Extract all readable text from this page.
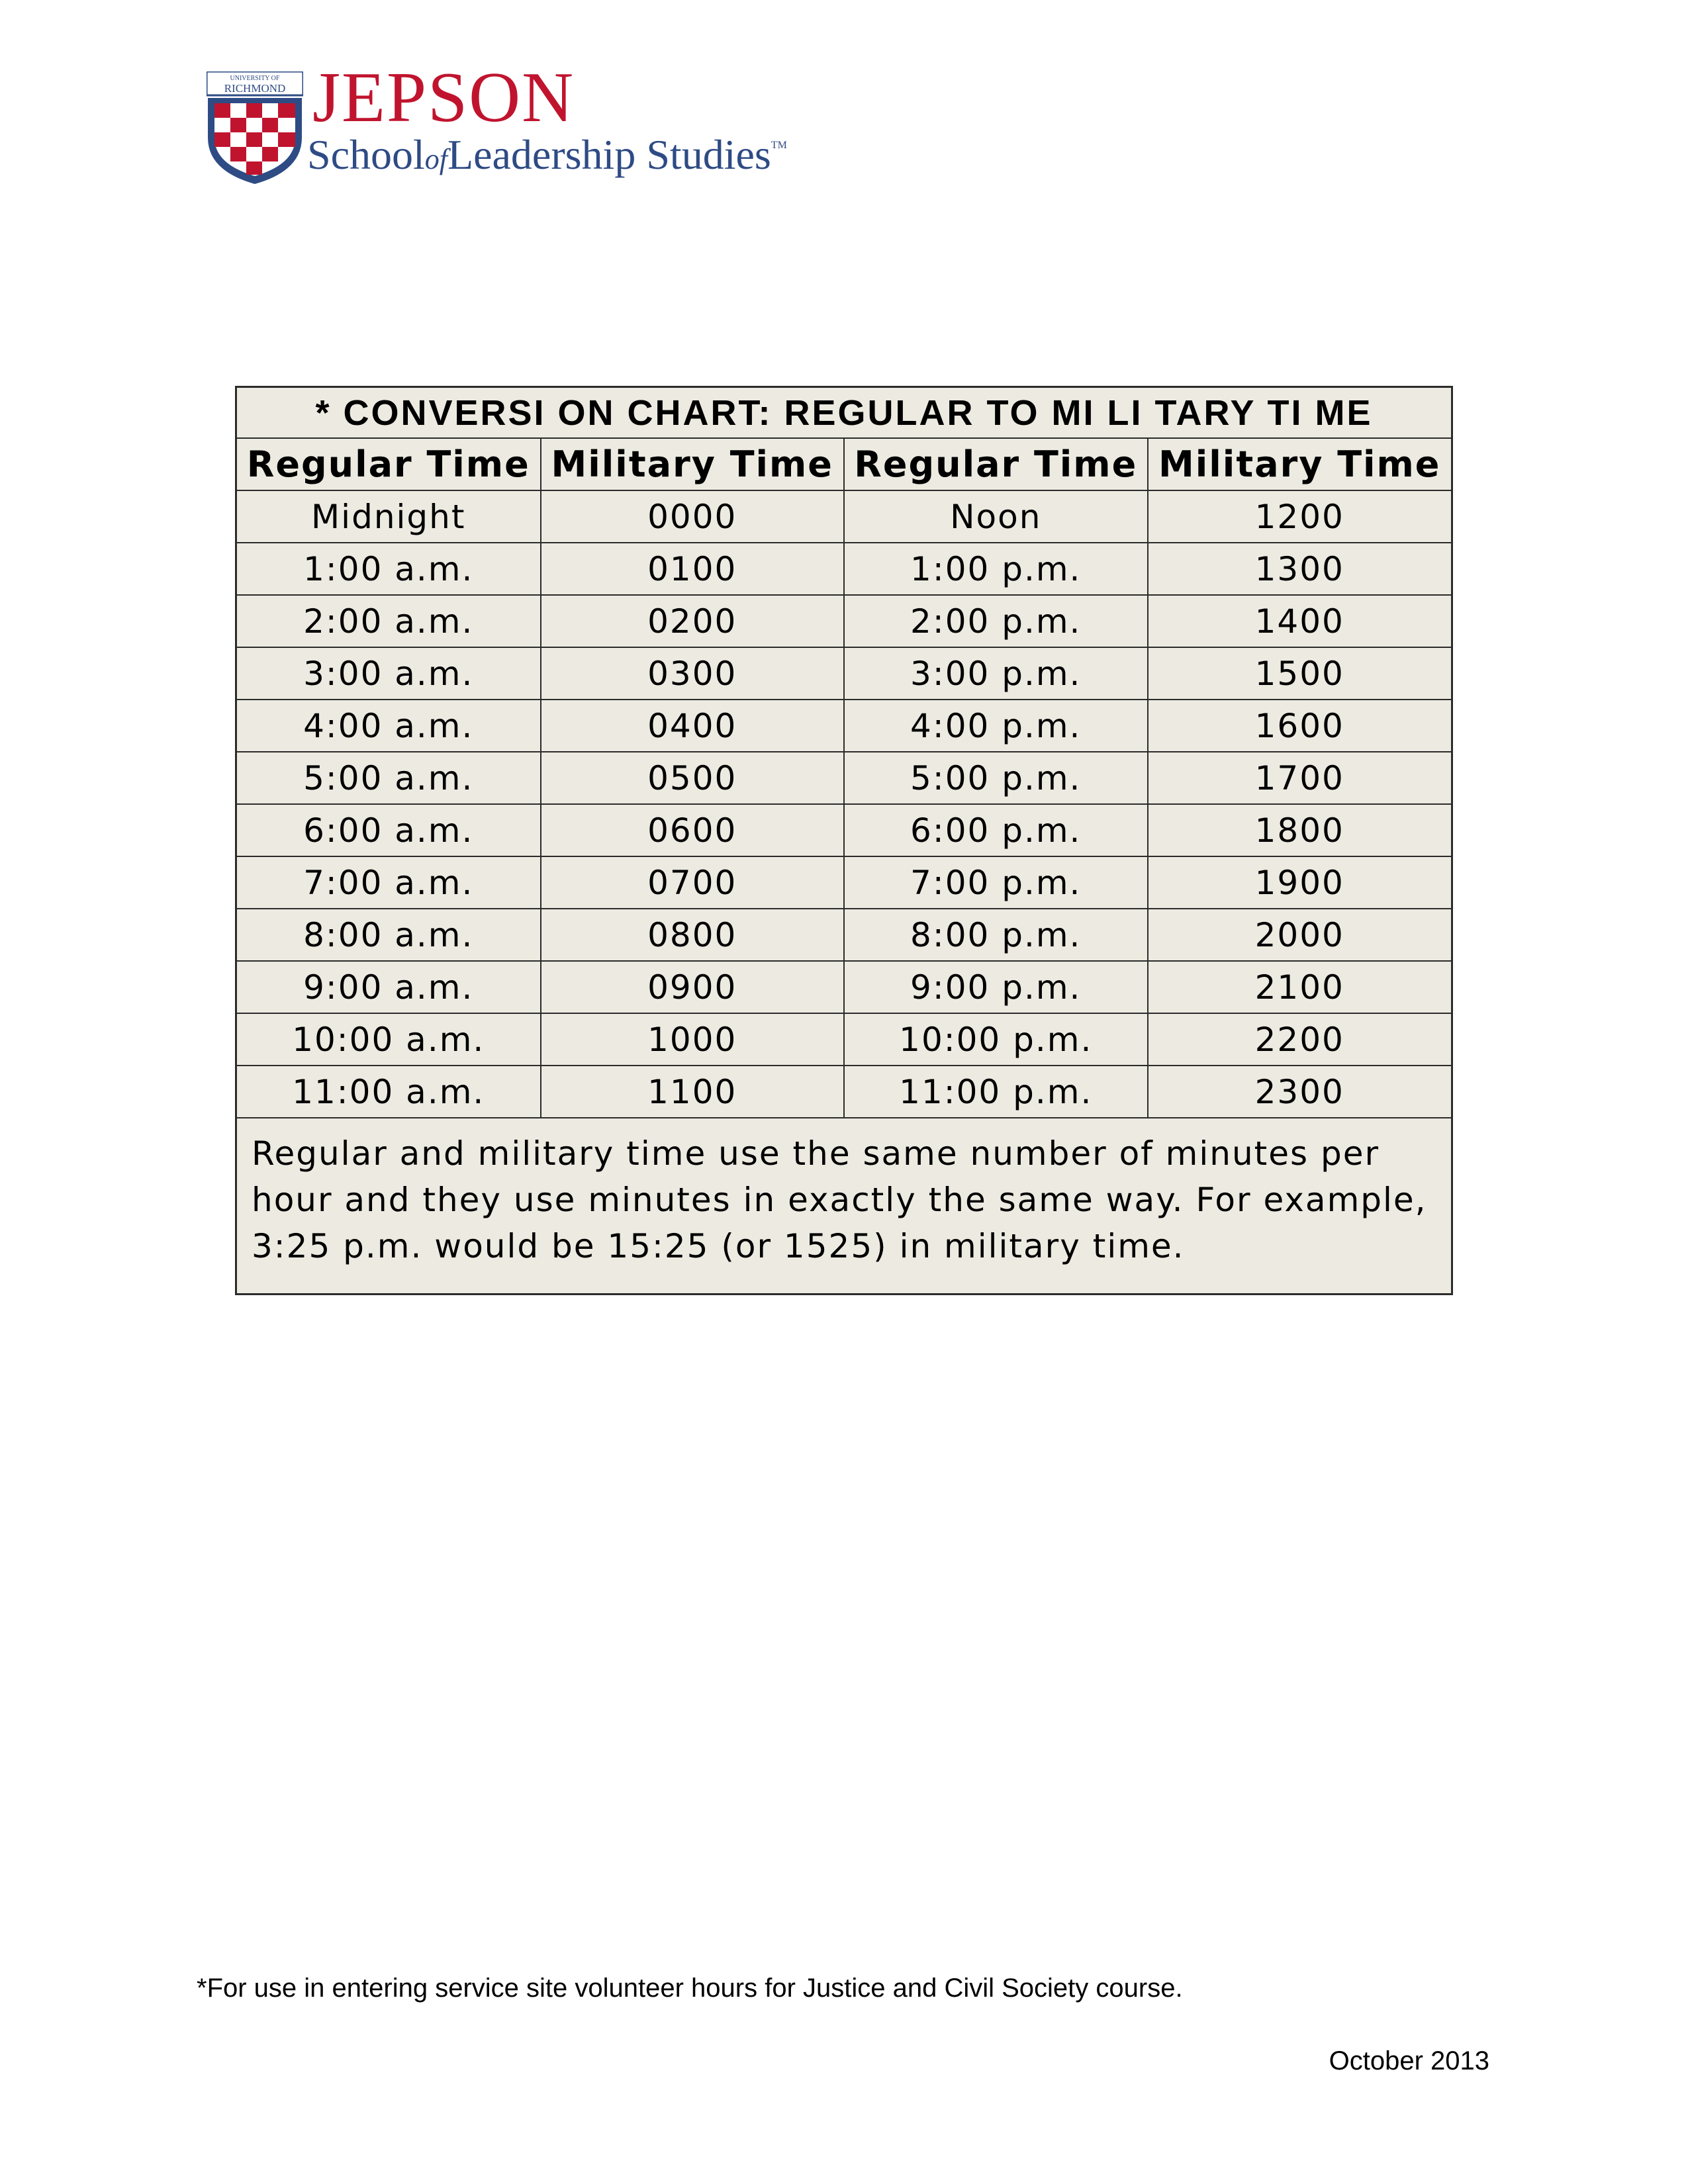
UNIVERSITY OF
RICHMOND JEPSON
SchoolofLeadership Studies™
* CONVERSI ON CHART: REGULAR TO MI LI TARY TI ME			
Regular Time	Military Time	Regular Time	Military Time
Midnight	0000	Noon	1200
1:00 a.m.	0100	1:00 p.m.	1300
2:00 a.m.	0200	2:00 p.m.	1400
3:00 a.m.	0300	3:00 p.m.	1500
4:00 a.m.	0400	4:00 p.m.	1600
5:00 a.m.	0500	5:00 p.m.	1700
6:00 a.m.	0600	6:00 p.m.	1800
7:00 a.m.	0700	7:00 p.m.	1900
8:00 a.m.	0800	8:00 p.m.	2000
9:00 a.m.	0900	9:00 p.m.	2100
10:00 a.m.	1000	10:00 p.m.	2200
11:00 a.m.	1100	11:00 p.m.	2300
Regular and military time use the same number of minutes per hour and they use minutes in exactly the same way. For example, 3:25 p.m. would be 15:25 (or 1525) in military time.			
*For use in entering service site volunteer hours for Justice and Civil Society course.
October 2013
